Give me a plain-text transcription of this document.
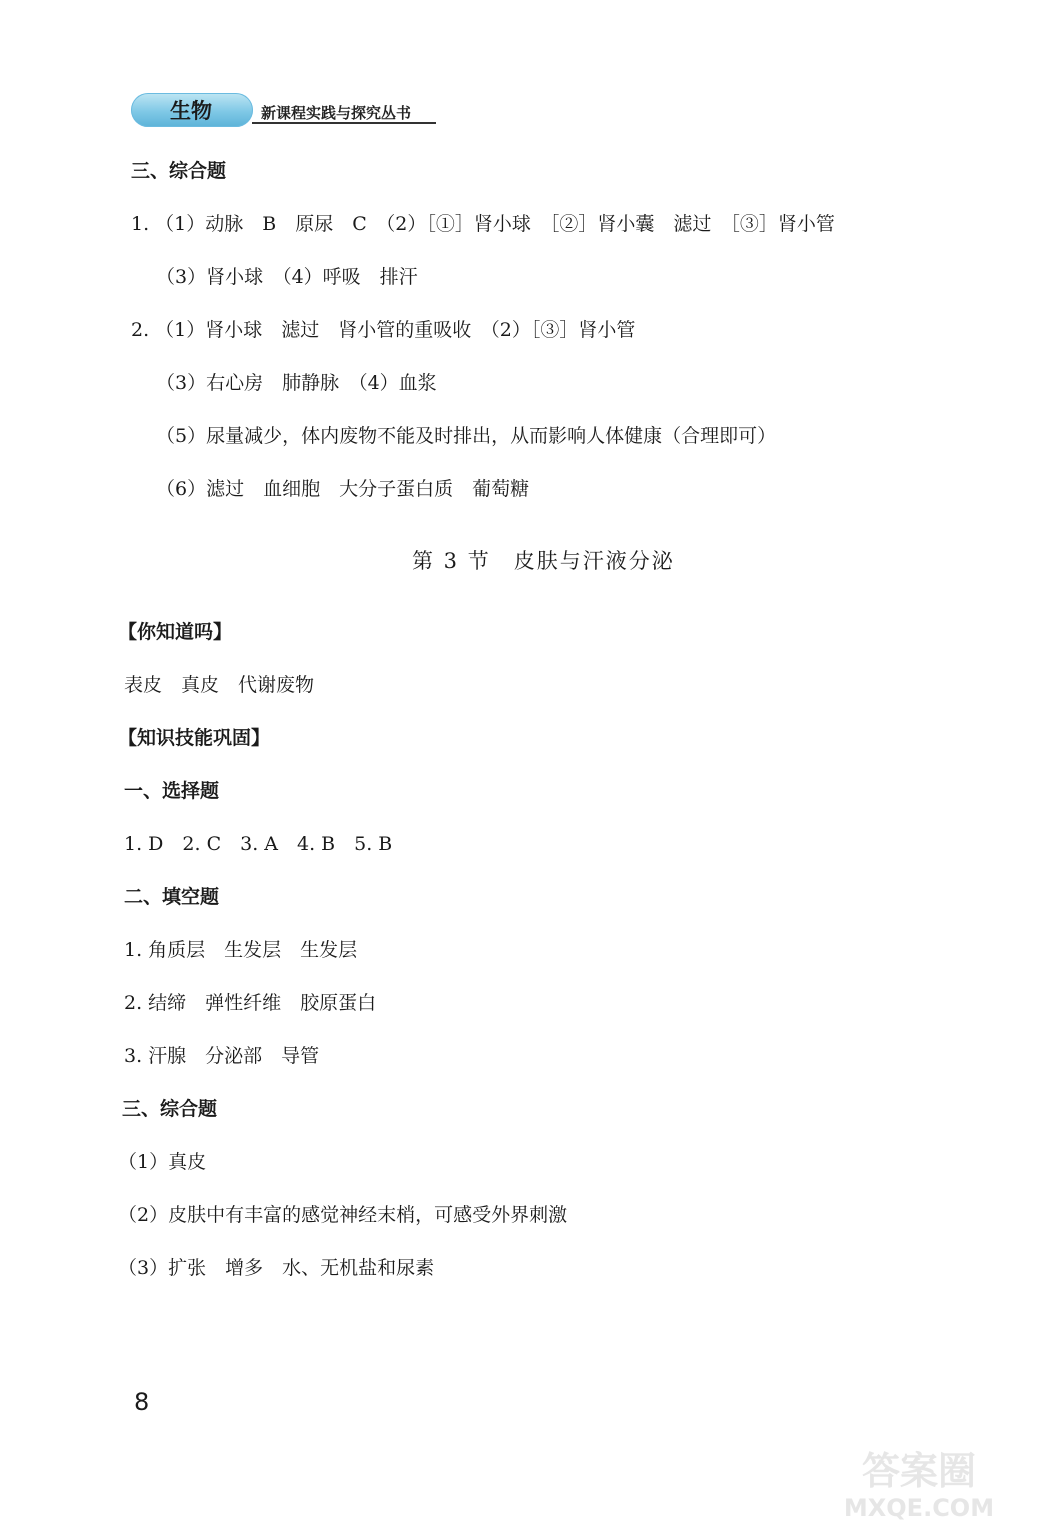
生物	新课程实践与探究丛书
三、综合题
1. （1）动脉　B　原尿　C　（2）［①］肾小球　［②］肾小囊　滤过　［③］肾小管
（3）肾小球　（4）呼吸　排汗
2. （1）肾小球　滤过　肾小管的重吸收　（2）［③］肾小管
（3）右心房　肺静脉　（4）血浆
（5）尿量减少，体内废物不能及时排出，从而影响人体健康（合理即可）
（6）滤过　血细胞　大分子蛋白质　葡萄糖
第 3 节　皮肤与汗液分泌
【你知道吗】
表皮　真皮　代谢废物
【知识技能巩固】
一、选择题
1. D　2. C　3. A　4. B　5. B
二、填空题
1. 角质层　生发层　生发层
2. 结缔　弹性纤维　胶原蛋白
3. 汗腺　分泌部　导管
三、综合题
（1）真皮
（2）皮肤中有丰富的感觉神经末梢，可感受外界刺激
（3）扩张　增多　水、无机盐和尿素
8
答案圈
MXQE.COM
